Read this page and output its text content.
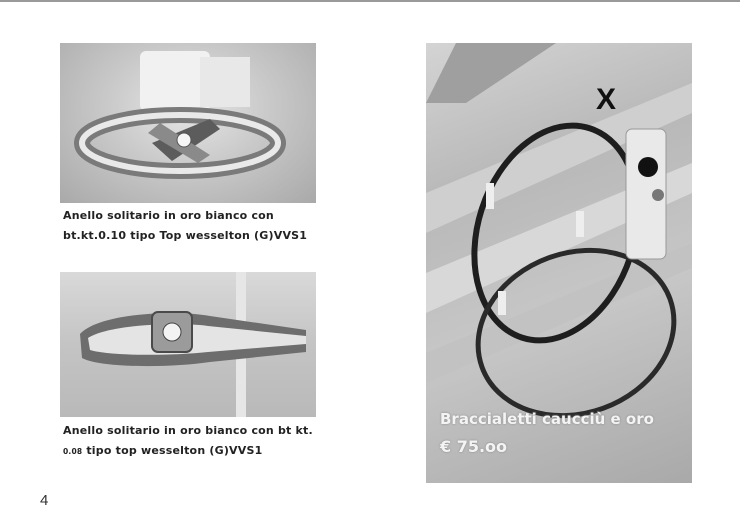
Anello solitario in oro bianco con
bt.kt.0.10 tipo Top wesselton (G)VVS1
Anello solitario in oro bianco con bt kt.
0.08 tipo top wesselton (G)VVS1
X
Braccialetti caucciù e oro
€ 75.oo
4
